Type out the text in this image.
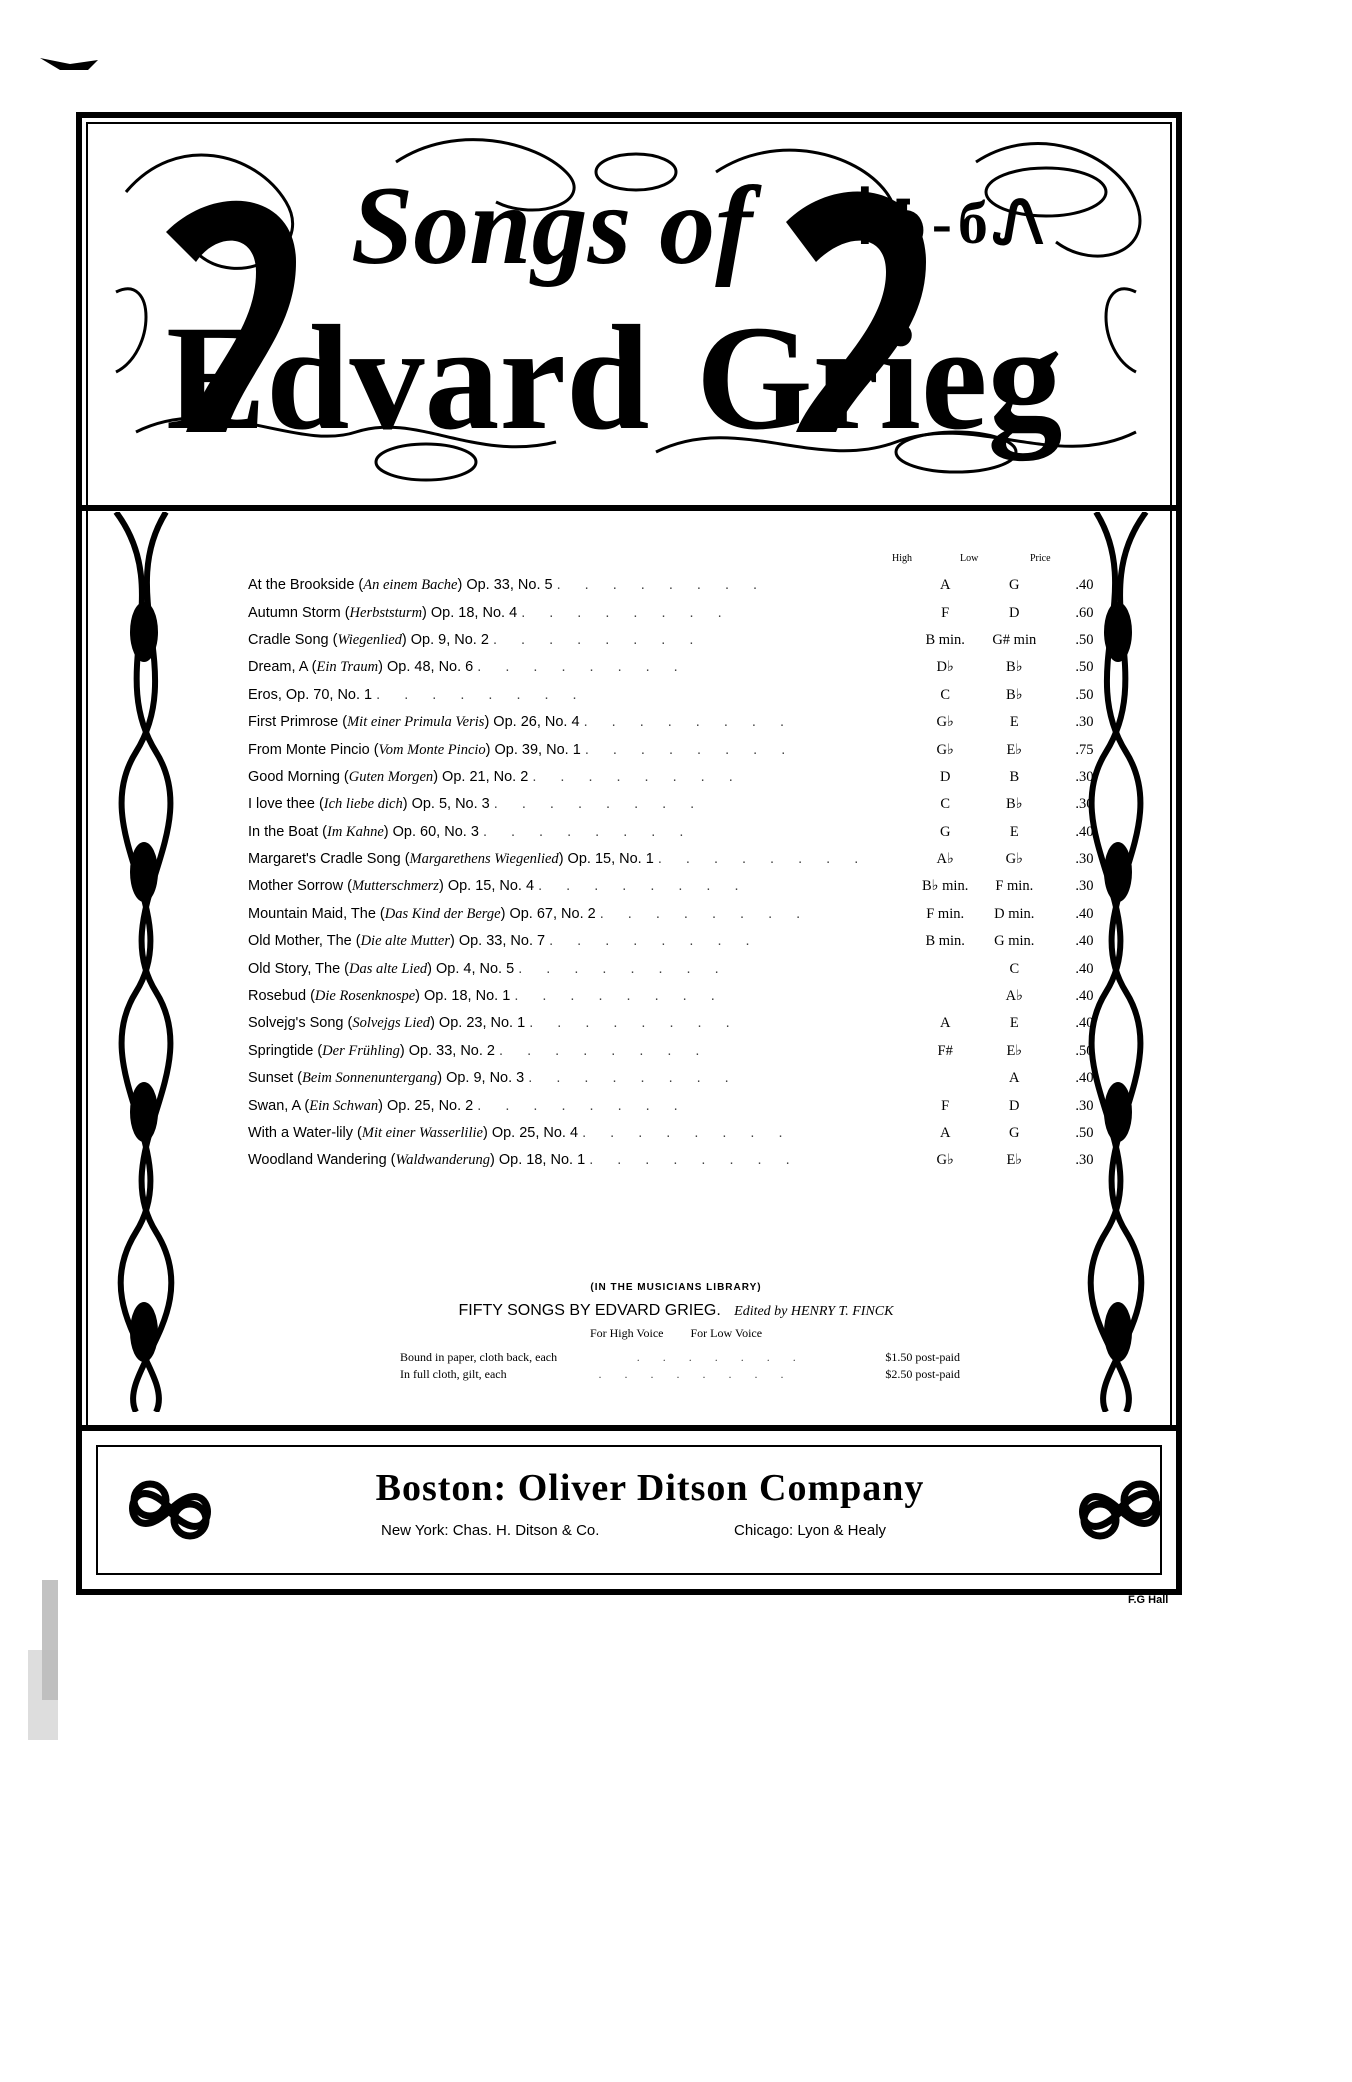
Songs of ꟾᎣ-бᏁ
Edvard Grieg
High	Low	Price
At the Brookside (An einem Bache) Op. 33, No. 5 . . . . . . . .	A	G	.40
Autumn Storm (Herbststurm) Op. 18, No. 4 . . . . . . . .	F	D	.60
Cradle Song (Wiegenlied) Op. 9, No. 2 . . . . . . . .	B min.	G# min	.50
Dream, A (Ein Traum) Op. 48, No. 6 . . . . . . . .	D♭	B♭	.50
Eros, Op. 70, No. 1 . . . . . . . .	C	B♭	.50
First Primrose (Mit einer Primula Veris) Op. 26, No. 4 . . . . . . . .	G♭	E	.30
From Monte Pincio (Vom Monte Pincio) Op. 39, No. 1 . . . . . . . .	G♭	E♭	.75
Good Morning (Guten Morgen) Op. 21, No. 2 . . . . . . . .	D	B	.30
I love thee (Ich liebe dich) Op. 5, No. 3 . . . . . . . .	C	B♭	.30
In the Boat (Im Kahne) Op. 60, No. 3 . . . . . . . .	G	E	.40
Margaret's Cradle Song (Margarethens Wiegenlied) Op. 15, No. 1 . . . . . . . .	A♭	G♭	.30
Mother Sorrow (Mutterschmerz) Op. 15, No. 4 . . . . . . . .	B♭ min.	F min.	.30
Mountain Maid, The (Das Kind der Berge) Op. 67, No. 2 . . . . . . . .	F min.	D min.	.40
Old Mother, The (Die alte Mutter) Op. 33, No. 7 . . . . . . . .	B min.	G min.	.40
Old Story, The (Das alte Lied) Op. 4, No. 5 . . . . . . . .		C	.40
Rosebud (Die Rosenknospe) Op. 18, No. 1 . . . . . . . .		A♭	.40
Solvejg's Song (Solvejgs Lied) Op. 23, No. 1 . . . . . . . .	A	E	.40
Springtide (Der Frühling) Op. 33, No. 2 . . . . . . . .	F#	E♭	.50
Sunset (Beim Sonnenuntergang) Op. 9, No. 3 . . . . . . . .		A	.40
Swan, A (Ein Schwan) Op. 25, No. 2 . . . . . . . .	F	D	.30
With a Water-lily (Mit einer Wasserlilie) Op. 25, No. 4 . . . . . . . .	A	G	.50
Woodland Wandering (Waldwanderung) Op. 18, No. 1 . . . . . . . .	G♭	E♭	.30
(IN THE MUSICIANS LIBRARY)
FIFTY SONGS BY EDVARD GRIEG. Edited by HENRY T. FINCK
For High Voice For Low Voice
Bound in paper, cloth back, each	. . . . . . .	$1.50 post-paid
In full cloth, gilt, each	. . . . . . . .	$2.50 post-paid
Boston: Oliver Ditson Company
New York: Chas. H. Ditson & Co.	Chicago: Lyon & Healy
F.G Hall
